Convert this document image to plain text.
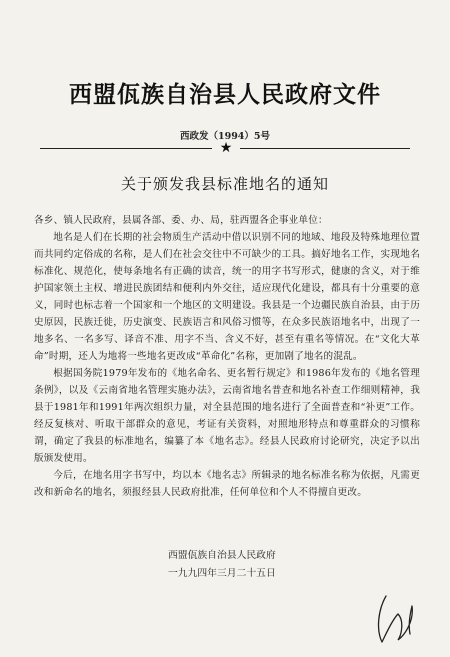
西盟佤族自治县人民政府文件
西政发（1994）5号
★
关于颁发我县标准地名的通知

各乡、镇人民政府，县属各部、委、办、局，驻西盟各企事业单位：

地名是人们在长期的社会物质生产活动中借以识别不同的地域、地段及特殊地理位置而共同约定俗成的名称，是人们在社会交往中不可缺少的工具。搞好地名工作，实现地名标准化、规范化，使每条地名有正确的读音，统一的用字书写形式，健康的含义，对于维护国家领土主权、增进民族团结和便利内外交往，适应现代化建设，都具有十分重要的意义，同时也标志着一个国家和一个地区的文明建设。我县是一个边疆民族自治县，由于历史原因，民族迁徙，历史演变、民族语言和风俗习惯等，在众多民族语地名中，出现了一地多名、一名多写、译音不准、用字不当、含义不好，甚至有重名等情况。在“文化大革命”时期，还人为地将一些地名更改成“革命化”名称，更加剧了地名的混乱。

根据国务院1979年发布的《地名命名、更名暂行规定》和1986年发布的《地名管理条例》，以及《云南省地名管理实施办法》，云南省地名普查和地名补查工作细则精神，我县于1981年和1991年两次组织力量，对全县范围的地名进行了全面普查和“补更”工作。经反复核对、听取干部群众的意见，考证有关资料，对照地形特点和尊重群众的习惯称谓，确定了我县的标准地名，编纂了本《地名志》。经县人民政府讨论研究，决定予以出版颁发使用。

今后，在地名用字书写中，均以本《地名志》所辑录的地名标准名称为依据，凡需更改和新命名的地名，须报经县人民政府批准，任何单位和个人不得擅自更改。

西盟佤族自治县人民政府
一九九四年三月二十五日
